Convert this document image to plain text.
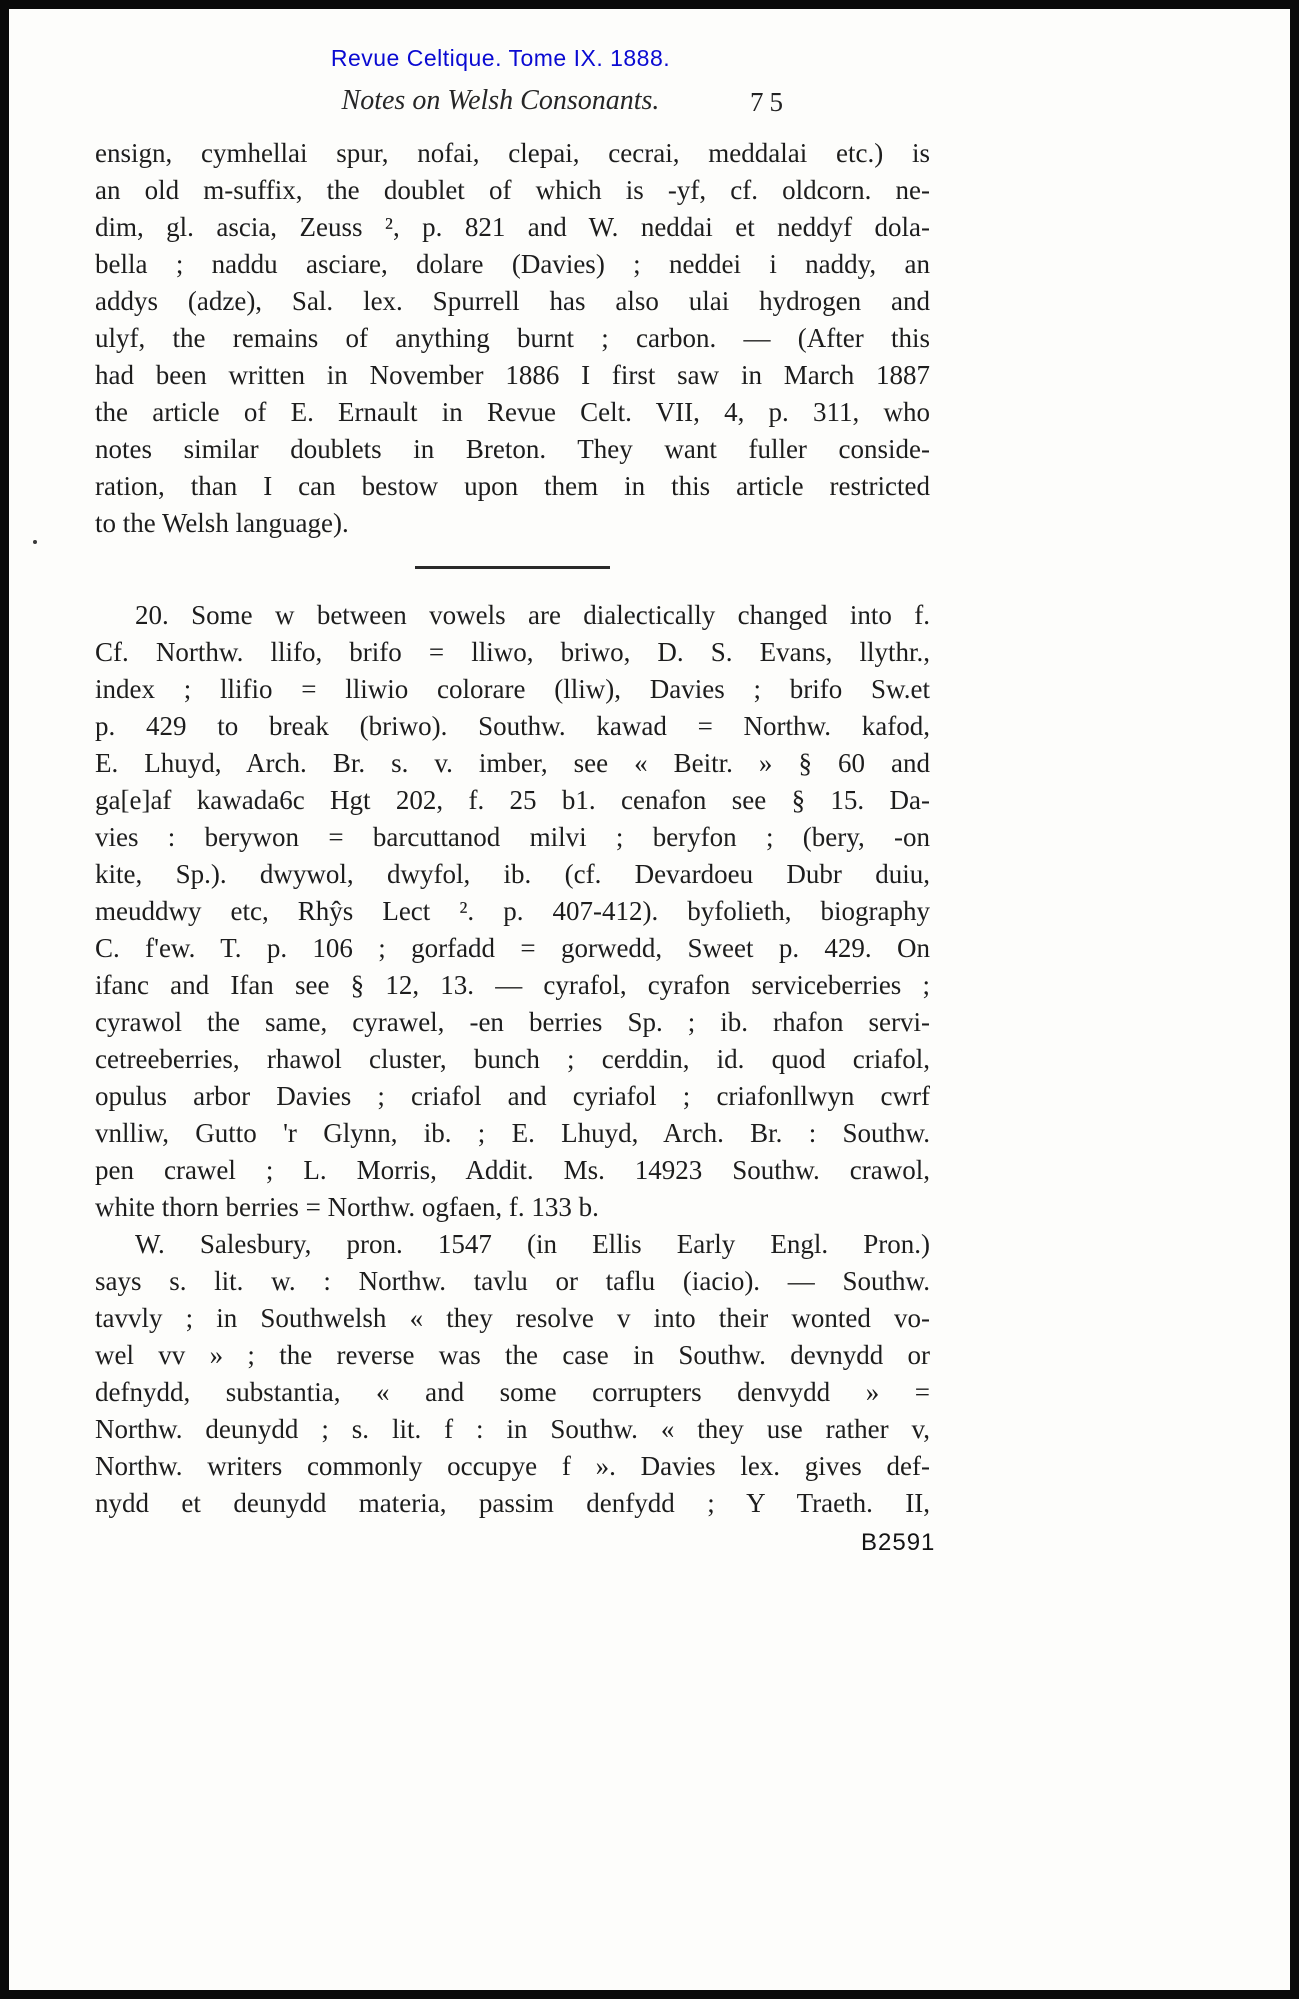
Revue Celtique. Tome IX. 1888.
Notes on Welsh Consonants.	75
ensign, cymhellai spur, nofai, clepai, cecrai, meddalai etc.) is
an old m-suffix, the doublet of which is -yf, cf. oldcorn. ne-
dim, gl. ascia, Zeuss ², p. 821 and W. neddai et neddyf dola-
bella ; naddu asciare, dolare (Davies) ; neddei i naddy, an
addys (adze), Sal. lex. Spurrell has also ulai hydrogen and
ulyf, the remains of anything burnt ; carbon. — (After this
had been written in November 1886 I first saw in March 1887
the article of E. Ernault in Revue Celt. VII, 4, p. 311, who
notes similar doublets in Breton. They want fuller conside-
ration, than I can bestow upon them in this article restricted
to the Welsh language).
20. Some w between vowels are dialectically changed into f.
Cf. Northw. llifo, brifo = lliwo, briwo, D. S. Evans, llythr.,
index ; llifio = lliwio colorare (lliw), Davies ; brifo Sw.et
p. 429 to break (briwo). Southw. kawad = Northw. kafod,
E. Lhuyd, Arch. Br. s. v. imber, see « Beitr. » § 60 and
ga[e]af kawada6c Hgt 202, f. 25 b1. cenafon see § 15. Da-
vies : berywon = barcuttanod milvi ; beryfon ; (bery, -on
kite, Sp.). dwywol, dwyfol, ib. (cf. Devardoeu Dubr duiu,
meuddwy etc, Rhŷs Lect ². p. 407-412). byfolieth, biography
C. f'ew. T. p. 106 ; gorfadd = gorwedd, Sweet p. 429. On
ifanc and Ifan see § 12, 13. — cyrafol, cyrafon serviceberries ;
cyrawol the same, cyrawel, -en berries Sp. ; ib. rhafon servi-
cetreeberries, rhawol cluster, bunch ; cerddin, id. quod criafol,
opulus arbor Davies ; criafol and cyriafol ; criafonllwyn cwrf
vnlliw, Gutto 'r Glynn, ib. ; E. Lhuyd, Arch. Br. : Southw.
pen crawel ; L. Morris, Addit. Ms. 14923 Southw. crawol,
white thorn berries = Northw. ogfaen, f. 133 b.
W. Salesbury, pron. 1547 (in Ellis Early Engl. Pron.)
says s. lit. w. : Northw. tavlu or taflu (iacio). — Southw.
tavvly ; in Southwelsh « they resolve v into their wonted vo-
wel vv » ; the reverse was the case in Southw. devnydd or
defnydd, substantia, « and some corrupters denvydd » =
Northw. deunydd ; s. lit. f : in Southw. « they use rather v,
Northw. writers commonly occupye f ». Davies lex. gives def-
nydd et deunydd materia, passim denfydd ; Y Traeth. II,
B2591
